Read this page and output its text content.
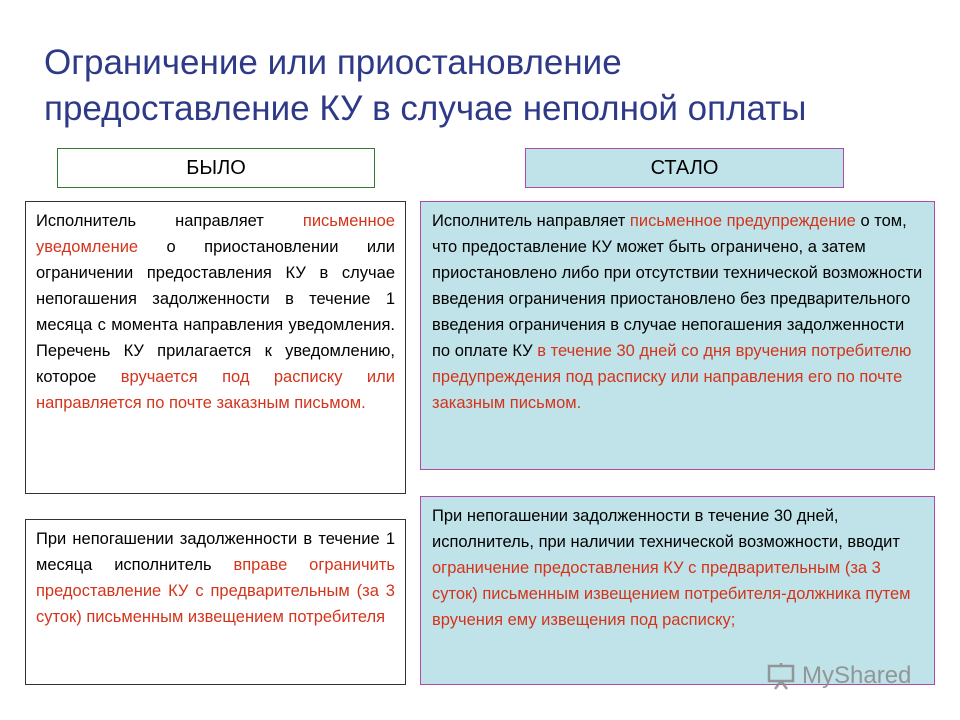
Ограничение или приостановление
предоставление КУ в случае неполной оплаты
БЫЛО	СТАЛО
Исполнитель направляет письменное уведомление о приостановлении или ограничении предоставления КУ в случае непогашения задолженности в течение 1 месяца с момента направления уведомления. Перечень КУ прилагается к уведомлению, которое вручается под расписку или направляется по почте заказным письмом.
При непогашении задолженности в течение 1 месяца исполнитель вправе ограничить предоставление КУ с предварительным (за 3 суток) письменным извещением потребителя
Исполнитель направляет письменное предупреждение о том, что предоставление КУ может быть ограничено, а затем приостановлено либо при отсутствии технической возможности введения ограничения приостановлено без предварительного введения ограничения в случае непогашения задолженности по оплате КУ в течение 30 дней со дня вручения потребителю предупреждения под расписку или направления его по почте заказным письмом.
При непогашении задолженности в течение 30 дней, исполнитель, при наличии технической возможности, вводит ограничение предоставления КУ с предварительным (за 3 суток) письменным извещением потребителя-должника путем вручения ему извещения под расписку;
MyShared
